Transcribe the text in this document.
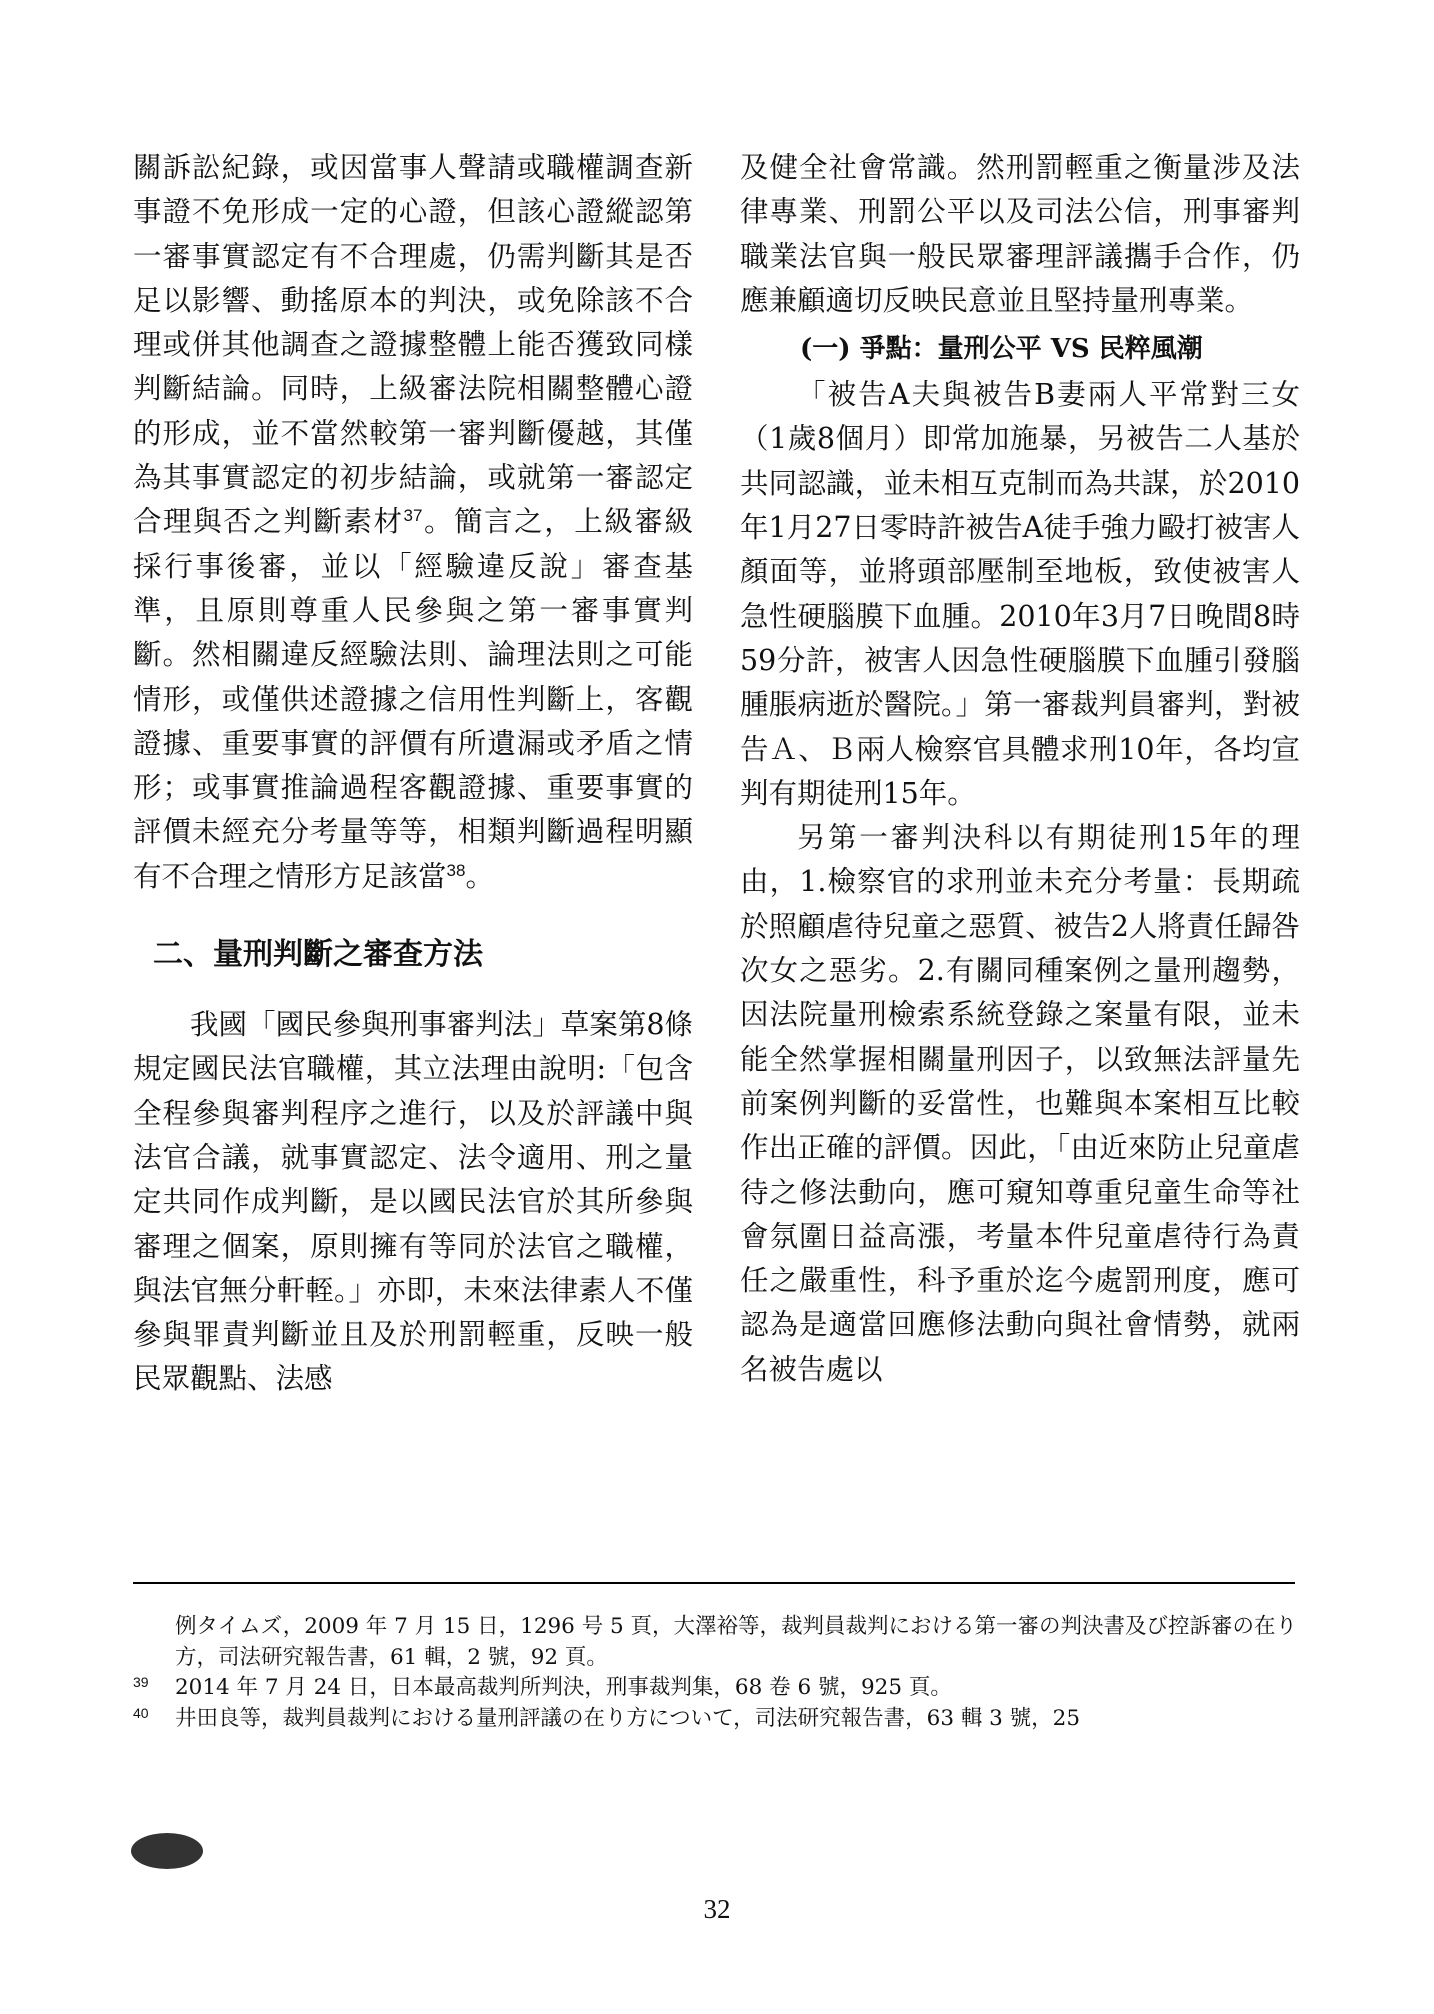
關訴訟紀錄，或因當事人聲請或職權調查新事證不免形成一定的心證，但該心證縱認第一審事實認定有不合理處，仍需判斷其是否足以影響、動搖原本的判決，或免除該不合理或併其他調查之證據整體上能否獲致同樣判斷結論。同時，上級審法院相關整體心證的形成，並不當然較第一審判斷優越，其僅為其事實認定的初步結論，或就第一審認定合理與否之判斷素材$^{37}$。簡言之，上級審級採行事後審，並以「經驗違反說」審查基準，且原則尊重人民參與之第一審事實判斷。然相關違反經驗法則、論理法則之可能情形，或僅供述證據之信用性判斷上，客觀證據、重要事實的評價有所遺漏或矛盾之情形；或事實推論過程客觀證據、重要事實的評價未經充分考量等等，相類判斷過程明顯有不合理之情形方足該當$^{38}$。

二、量刑判斷之審查方法

我國「國民參與刑事審判法」草案第8條規定國民法官職權，其立法理由說明:「包含全程參與審判程序之進行，以及於評議中與法官合議，就事實認定、法令適用、刑之量定共同作成判斷，是以國民法官於其所參與審理之個案，原則擁有等同於法官之職權，與法官無分軒輊。」亦即，未來法律素人不僅參與罪責判斷並且及於刑罰輕重，反映一般民眾觀點、法感

及健全社會常識。然刑罰輕重之衡量涉及法律專業、刑罰公平以及司法公信，刑事審判職業法官與一般民眾審理評議攜手合作，仍應兼顧適切反映民意並且堅持量刑專業。

(一) 爭點：量刑公平 VS 民粹風潮

「被告A夫與被告B妻兩人平常對三女（1歲8個月）即常加施暴，另被告二人基於共同認識，並未相互克制而為共謀，於2010年1月27日零時許被告A徒手強力毆打被害人顏面等，並將頭部壓制至地板，致使被害人急性硬腦膜下血腫。2010年3月7日晚間8時59分許，被害人因急性硬腦膜下血腫引發腦腫脹病逝於醫院。」第一審裁判員審判，對被告Ａ、Ｂ兩人檢察官具體求刑10年，各均宣判有期徒刑15年。

另第一審判決科以有期徒刑15年的理由，1.檢察官的求刑並未充分考量：長期疏於照顧虐待兒童之惡質、被告2人將責任歸咎次女之惡劣。2.有關同種案例之量刑趨勢，因法院量刑檢索系統登錄之案量有限，並未能全然掌握相關量刑因子，以致無法評量先前案例判斷的妥當性，也難與本案相互比較作出正確的評價。因此，「由近來防止兒童虐待之修法動向，應可窺知尊重兒童生命等社會氛圍日益高漲，考量本件兒童虐待行為責任之嚴重性，科予重於迄今處罰刑度，應可認為是適當回應修法動向與社會情勢，就兩名被告處以

例タイムズ，2009 年 7 月 15 日，1296 号 5 頁，大澤裕等，裁判員裁判における第一審の判決書及び控訴審の在り方，司法研究報告書，61 輯，2 號，92 頁。

39 2014 年 7 月 24 日，日本最高裁判所判決，刑事裁判集，68 卷 6 號，925 頁。

40 井田良等，裁判員裁判における量刑評議の在り方について，司法研究報告書，63 輯 3 號，25

32
